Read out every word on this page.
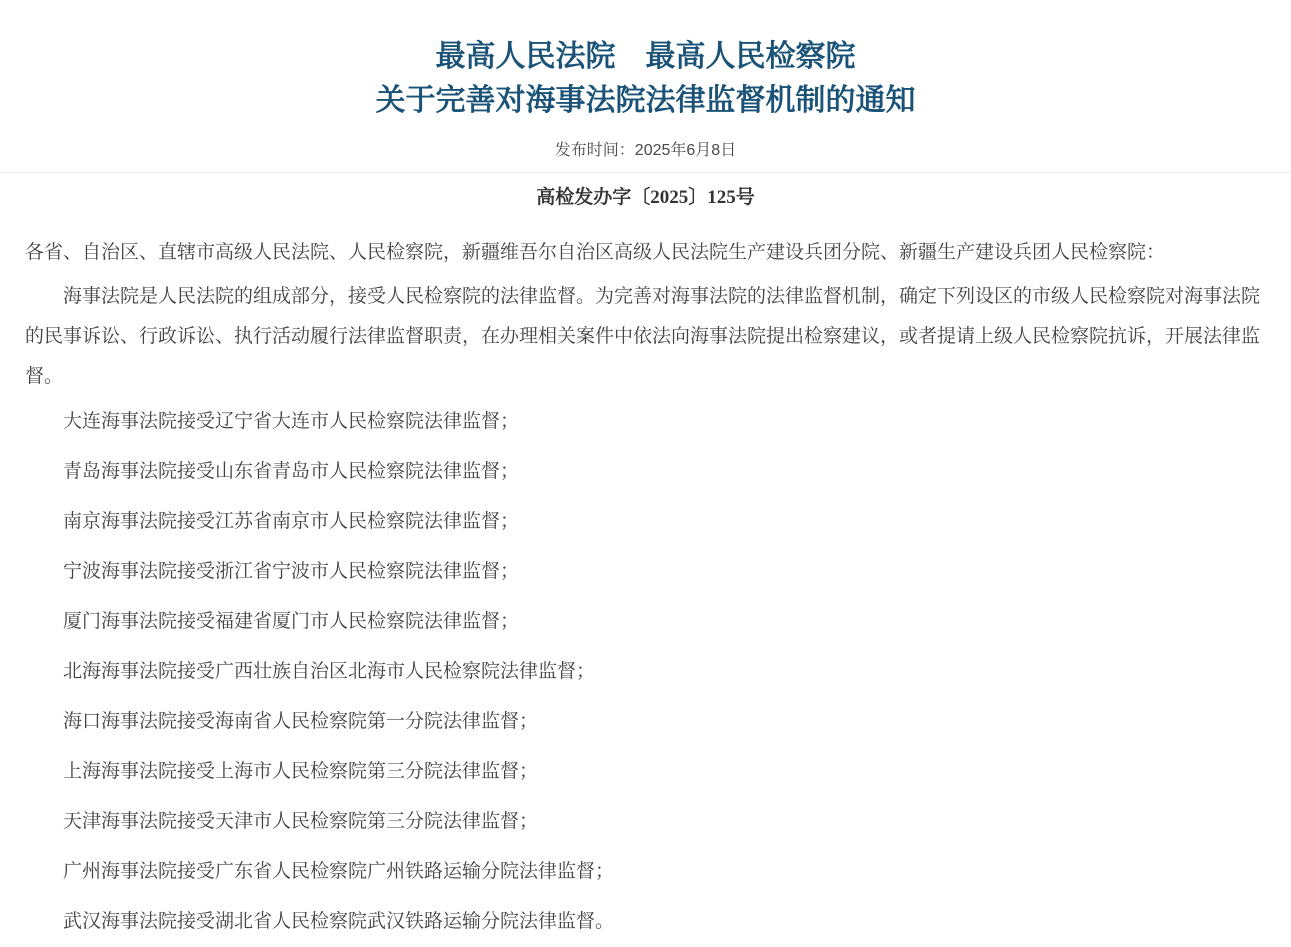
最高人民法院　最高人民检察院
关于完善对海事法院法律监督机制的通知
发布时间：2025年6月8日
高检发办字〔2025〕125号

各省、自治区、直辖市高级人民法院、人民检察院，新疆维吾尔自治区高级人民法院生产建设兵团分院、新疆生产建设兵团人民检察院：

海事法院是人民法院的组成部分，接受人民检察院的法律监督。为完善对海事法院的法律监督机制，确定下列设区的市级人民检察院对海事法院的民事诉讼、行政诉讼、执行活动履行法律监督职责，在办理相关案件中依法向海事法院提出检察建议，或者提请上级人民检察院抗诉，开展法律监督。

大连海事法院接受辽宁省大连市人民检察院法律监督；

青岛海事法院接受山东省青岛市人民检察院法律监督；

南京海事法院接受江苏省南京市人民检察院法律监督；

宁波海事法院接受浙江省宁波市人民检察院法律监督；

厦门海事法院接受福建省厦门市人民检察院法律监督；

北海海事法院接受广西壮族自治区北海市人民检察院法律监督；

海口海事法院接受海南省人民检察院第一分院法律监督；

上海海事法院接受上海市人民检察院第三分院法律监督；

天津海事法院接受天津市人民检察院第三分院法律监督；

广州海事法院接受广东省人民检察院广州铁路运输分院法律监督；

武汉海事法院接受湖北省人民检察院武汉铁路运输分院法律监督。
